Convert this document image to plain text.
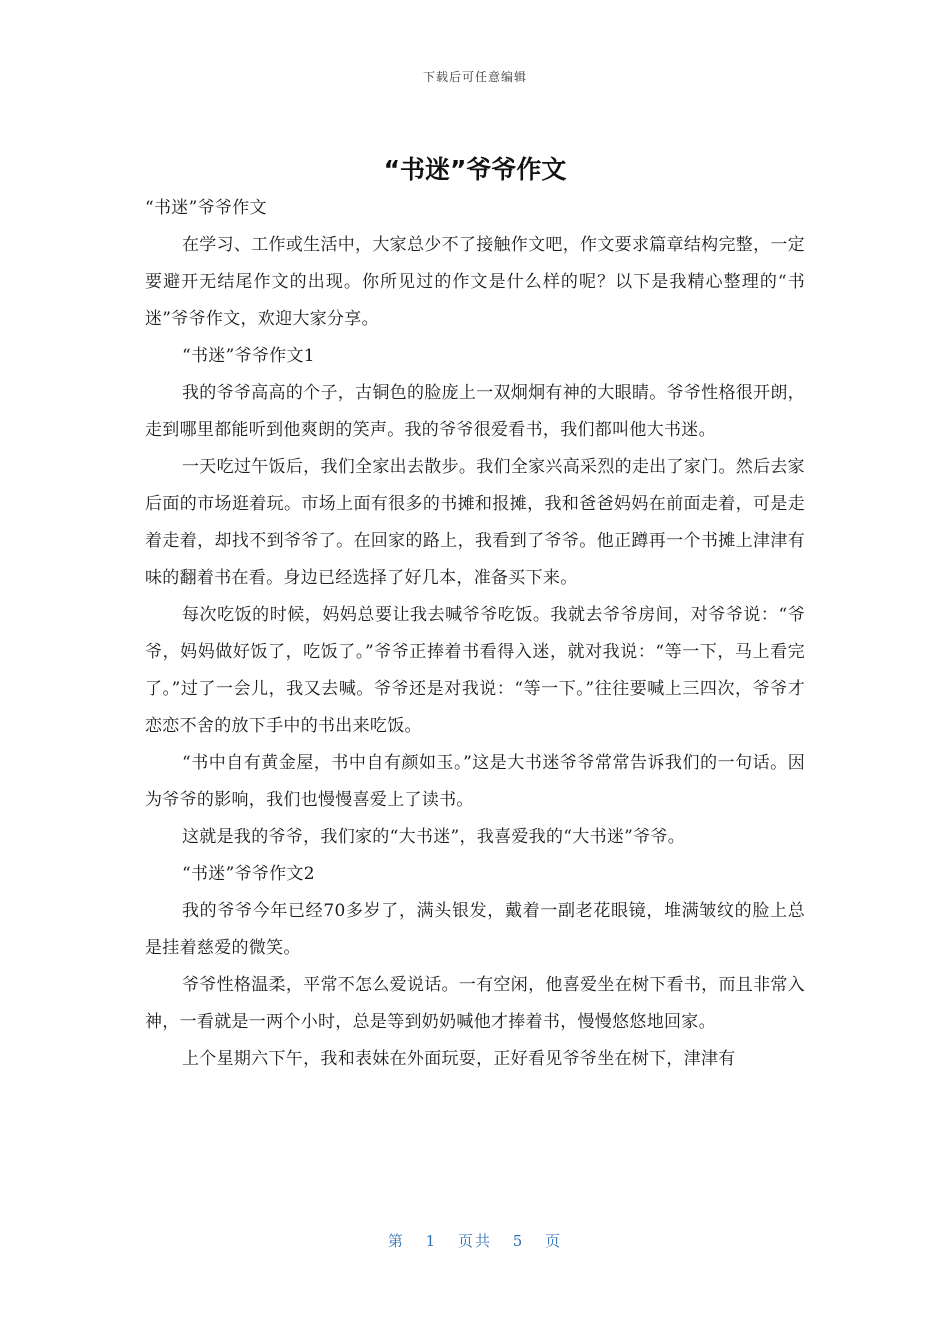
下载后可任意编辑
“书迷”爷爷作文

“书迷”爷爷作文

在学习、工作或生活中，大家总少不了接触作文吧，作文要求篇章结构完整，一定要避开无结尾作文的出现。你所见过的作文是什么样的呢？以下是我精心整理的“书迷”爷爷作文，欢迎大家分享。

“书迷”爷爷作文1

我的爷爷高高的个子，古铜色的脸庞上一双炯炯有神的大眼睛。爷爷性格很开朗，走到哪里都能听到他爽朗的笑声。我的爷爷很爱看书，我们都叫他大书迷。

一天吃过午饭后，我们全家出去散步。我们全家兴高采烈的走出了家门。然后去家后面的市场逛着玩。市场上面有很多的书摊和报摊，我和爸爸妈妈在前面走着，可是走着走着，却找不到爷爷了。在回家的路上，我看到了爷爷。他正蹲再一个书摊上津津有味的翻着书在看。身边已经选择了好几本，准备买下来。

每次吃饭的时候，妈妈总要让我去喊爷爷吃饭。我就去爷爷房间，对爷爷说：“爷爷，妈妈做好饭了，吃饭了。”爷爷正捧着书看得入迷，就对我说：“等一下，马上看完了。”过了一会儿，我又去喊。爷爷还是对我说：“等一下。”往往要喊上三四次，爷爷才恋恋不舍的放下手中的书出来吃饭。

“书中自有黄金屋，书中自有颜如玉。”这是大书迷爷爷常常告诉我们的一句话。因为爷爷的影响，我们也慢慢喜爱上了读书。

这就是我的爷爷，我们家的“大书迷”，我喜爱我的“大书迷”爷爷。

“书迷”爷爷作文2

我的爷爷今年已经70多岁了，满头银发，戴着一副老花眼镜，堆满皱纹的脸上总是挂着慈爱的微笑。

爷爷性格温柔，平常不怎么爱说话。一有空闲，他喜爱坐在树下看书，而且非常入神，一看就是一两个小时，总是等到奶奶喊他才捧着书，慢慢悠悠地回家。

上个星期六下午，我和表妹在外面玩耍，正好看见爷爷坐在树下，津津有

第 1 页共 5 页
